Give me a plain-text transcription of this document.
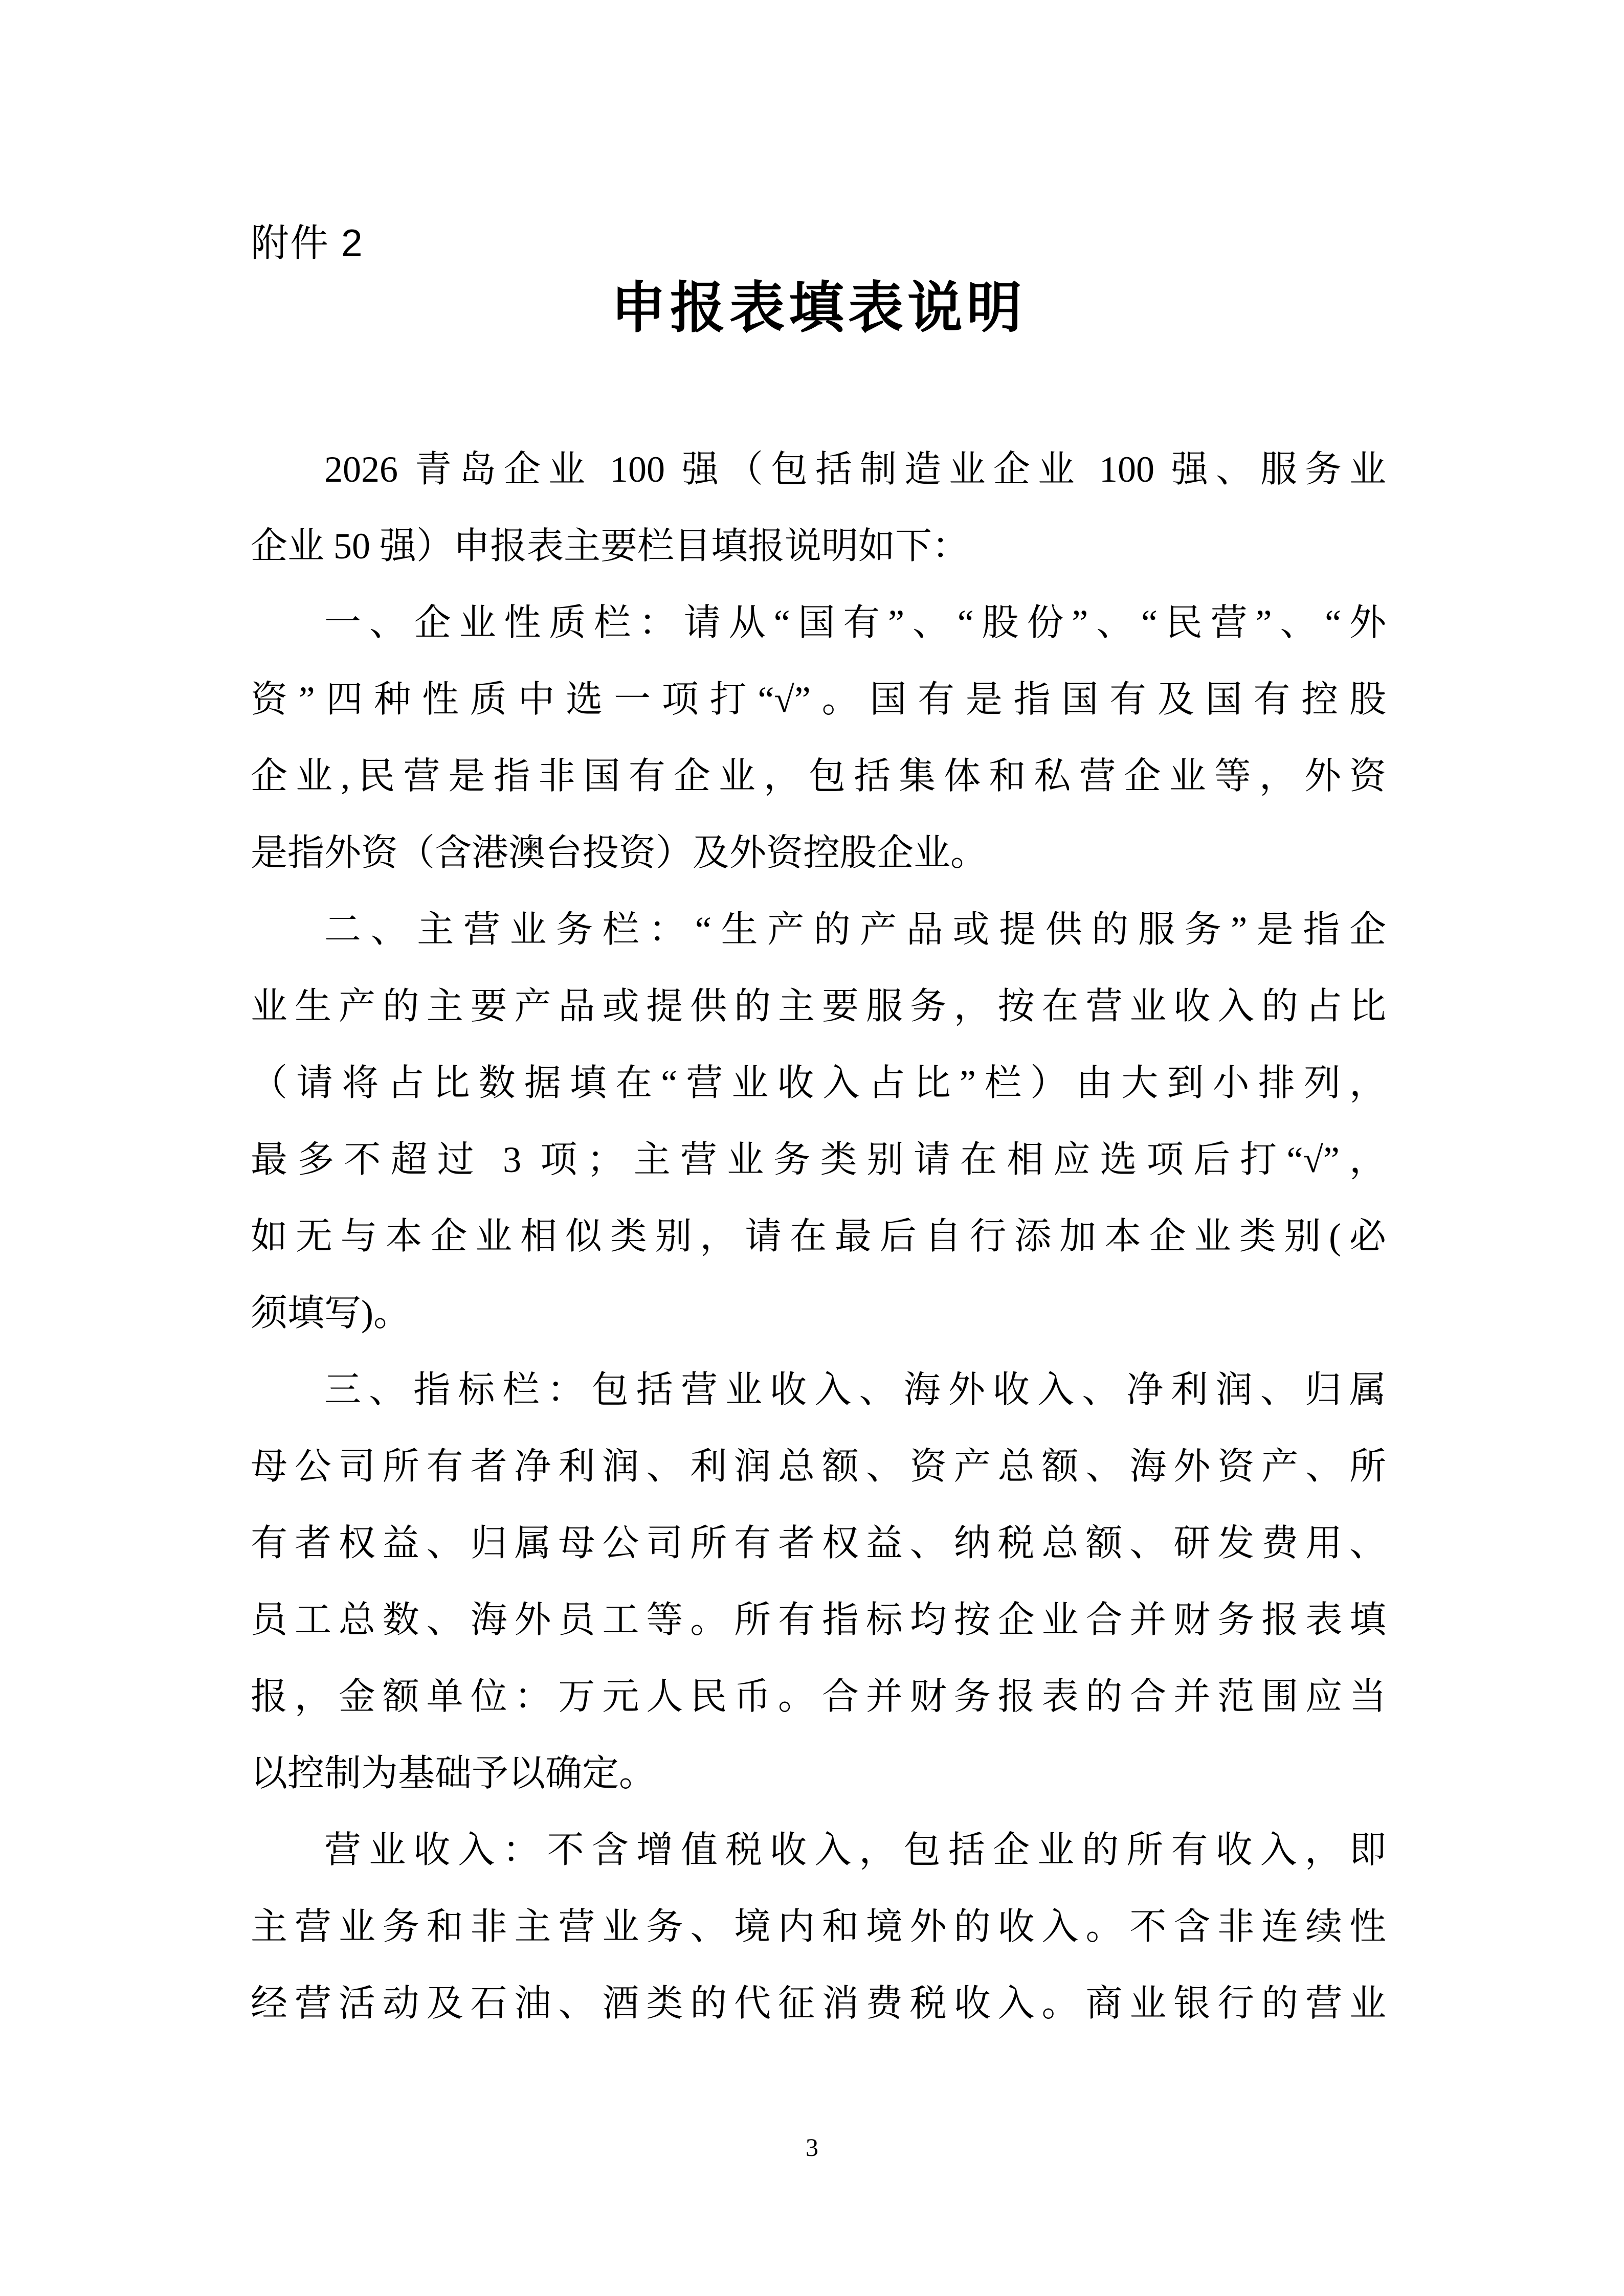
附件 2
申报表填表说明
2026 青岛企业 100 强（包括制造业企业 100 强、服务业
企业 50 强）申报表主要栏目填报说明如下：
一、企业性质栏：请从“国有”、“股份”、“民营”、“外
资”四种性质中选一项打“√”。国有是指国有及国有控股
企业,民营是指非国有企业，包括集体和私营企业等，外资
是指外资（含港澳台投资）及外资控股企业。
二、主营业务栏：“生产的产品或提供的服务”是指企
业生产的主要产品或提供的主要服务，按在营业收入的占比
（请将占比数据填在“营业收入占比”栏）由大到小排列，
最多不超过 3 项；主营业务类别请在相应选项后打“√”，
如无与本企业相似类别，请在最后自行添加本企业类别(必
须填写)。
三、指标栏：包括营业收入、海外收入、净利润、归属
母公司所有者净利润、利润总额、资产总额、海外资产、所
有者权益、归属母公司所有者权益、纳税总额、研发费用、
员工总数、海外员工等。所有指标均按企业合并财务报表填
报，金额单位：万元人民币。合并财务报表的合并范围应当
以控制为基础予以确定。
营业收入：不含增值税收入，包括企业的所有收入，即
主营业务和非主营业务、境内和境外的收入。不含非连续性
经营活动及石油、酒类的代征消费税收入。商业银行的营业
3
